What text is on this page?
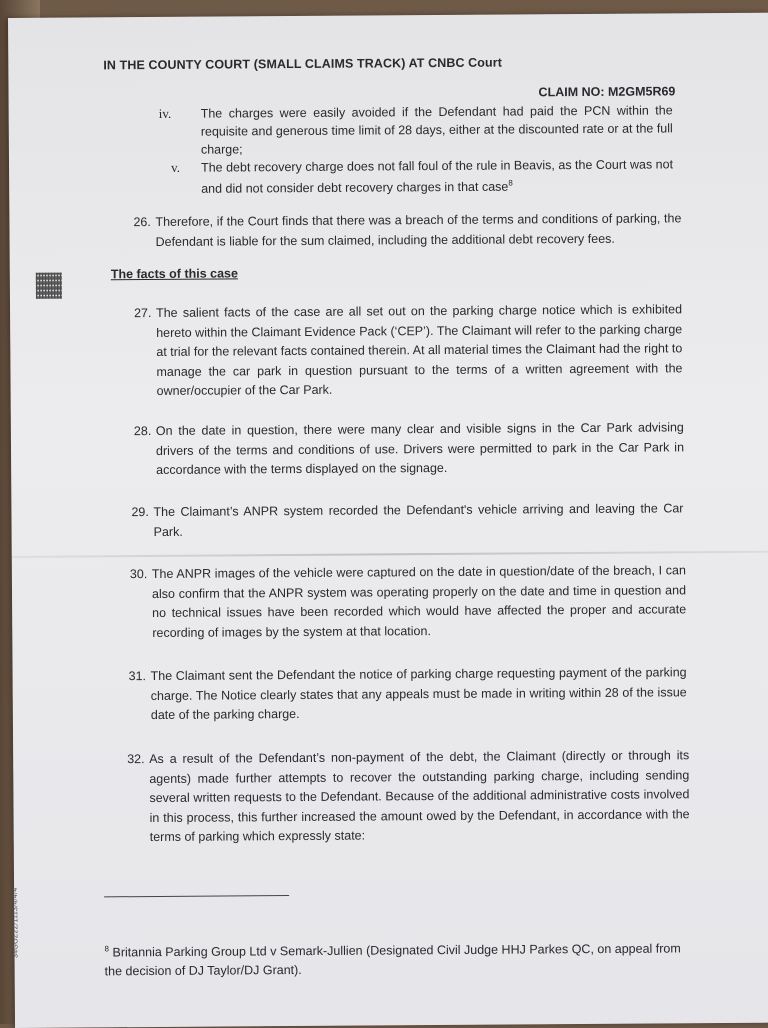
IN THE COUNTY COURT (SMALL CLAIMS TRACK) AT CNBC Court
CLAIM NO: M2GM5R69
iv.	The charges were easily avoided if the Defendant had paid the PCN within the requisite and generous time limit of 28 days, either at the discounted rate or at the full charge;
v.	The debt recovery charge does not fall foul of the rule in Beavis, as the Court was not and did not consider debt recovery charges in that case$^8$
26. Therefore, if the Court finds that there was a breach of the terms and conditions of parking, the Defendant is liable for the sum claimed, including the additional debt recovery fees.
The facts of this case
27. The salient facts of the case are all set out on the parking charge notice which is exhibited hereto within the Claimant Evidence Pack (‘CEP’). The Claimant will refer to the parking charge at trial for the relevant facts contained therein. At all material times the Claimant had the right to manage the car park in question pursuant to the terms of a written agreement with the owner/occupier of the Car Park.
28. On the date in question, there were many clear and visible signs in the Car Park advising drivers of the terms and conditions of use. Drivers were permitted to park in the Car Park in accordance with the terms displayed on the signage.
29. The Claimant’s ANPR system recorded the Defendant's vehicle arriving and leaving the Car Park.
30. The ANPR images of the vehicle were captured on the date in question/date of the breach, I can also confirm that the ANPR system was operating properly on the date and time in question and no technical issues have been recorded which would have affected the proper and accurate recording of images by the system at that location.
31. The Claimant sent the Defendant the notice of parking charge requesting payment of the parking charge. The Notice clearly states that any appeals must be made in writing within 28 of the issue date of the parking charge.
32. As a result of the Defendant’s non-payment of the debt, the Claimant (directly or through its agents) made further attempts to recover the outstanding parking charge, including sending several written requests to the Defendant. Because of the additional administrative costs involved in this process, this further increased the amount owed by the Defendant, in accordance with the terms of parking which expressly state:
$^8$ Britannia Parking Group Ltd v Semark-Jullien (Designated Civil Judge HHJ Parkes QC, on appeal from the decision of DJ Taylor/DJ Grant).
34GOZ2Z/1113/4/4/4
